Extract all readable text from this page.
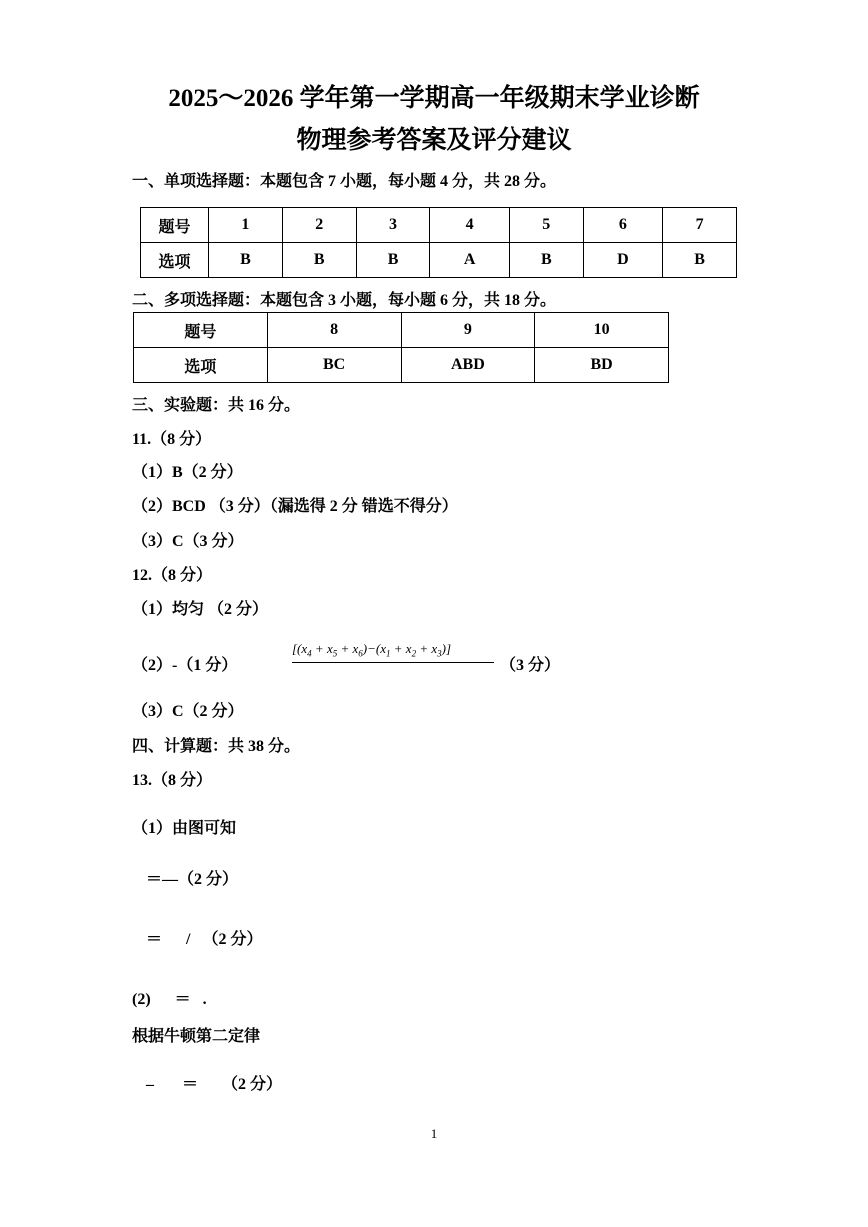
2025～2026 学年第一学期高一年级期末学业诊断
物理参考答案及评分建议
一、单项选择题：本题包含 7 小题，每小题 4 分，共 28 分。
题号	1	2	3	4	5	6	7
选项	B	B	B	A	B	D	B
二、多项选择题：本题包含 3 小题，每小题 6 分，共 18 分。
题号	8	9	10
选项	BC	ABD	BD
三、实验题：共 16 分。
11.（8 分）
（1）B（2 分）
（2）BCD （3 分）（漏选得 2 分 错选不得分）
（3）C（3 分）
12.（8 分）
（1）均匀 （2 分）
（2）-（1 分）
$[(x_4 + x_5 + x_6)-(x_1 + x_2 + x_3)]$
（3 分）
（3）C（2 分）
四、计算题：共 38 分。
13.（8 分）
（1）由图可知
＝—（2 分）
＝      /   （2 分）
(2)      ＝   .
根据牛顿第二定律
–       ＝      （2 分）
1
